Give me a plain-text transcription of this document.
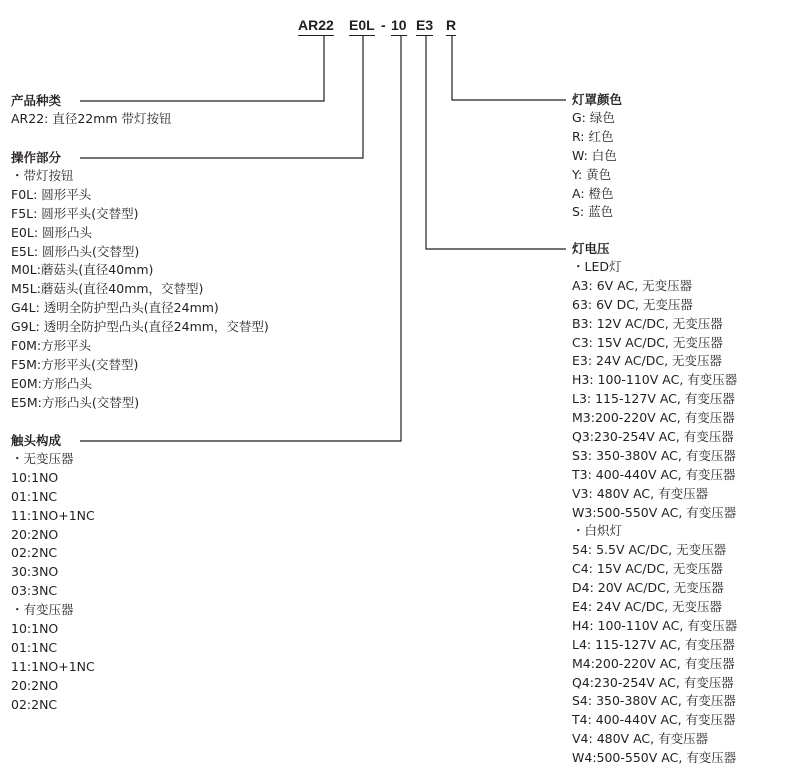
AR22 E0L - 10 E3 R
产品种类
AR22: 直径22mm 带灯按钮
操作部分
・带灯按钮
F0L: 圆形平头
F5L: 圆形平头(交替型)
E0L: 圆形凸头
E5L: 圆形凸头(交替型)
M0L:蘑菇头(直径40mm)
M5L:蘑菇头(直径40mm，交替型)
G4L: 透明全防护型凸头(直径24mm)
G9L: 透明全防护型凸头(直径24mm，交替型)
F0M:方形平头
F5M:方形平头(交替型)
E0M:方形凸头
E5M:方形凸头(交替型)
触头构成
・无变压器
10:1NO
01:1NC
11:1NO+1NC
20:2NO
02:2NC
30:3NO
03:3NC
・有变压器
10:1NO
01:1NC
11:1NO+1NC
20:2NO
02:2NC
灯罩颜色
G: 绿色
R: 红色
W: 白色
Y: 黄色
A: 橙色
S: 蓝色
灯电压
・LED灯
A3: 6V AC, 无变压器
63: 6V DC, 无变压器
B3: 12V AC/DC, 无变压器
C3: 15V AC/DC, 无变压器
E3: 24V AC/DC, 无变压器
H3: 100-110V AC, 有变压器
L3: 115-127V AC, 有变压器
M3:200-220V AC, 有变压器
Q3:230-254V AC, 有变压器
S3: 350-380V AC, 有变压器
T3: 400-440V AC, 有变压器
V3: 480V AC, 有变压器
W3:500-550V AC, 有变压器
・白炽灯
54: 5.5V AC/DC, 无变压器
C4: 15V AC/DC, 无变压器
D4: 20V AC/DC, 无变压器
E4: 24V AC/DC, 无变压器
H4: 100-110V AC, 有变压器
L4: 115-127V AC, 有变压器
M4:200-220V AC, 有变压器
Q4:230-254V AC, 有变压器
S4: 350-380V AC, 有变压器
T4: 400-440V AC, 有变压器
V4: 480V AC, 有变压器
W4:500-550V AC, 有变压器
